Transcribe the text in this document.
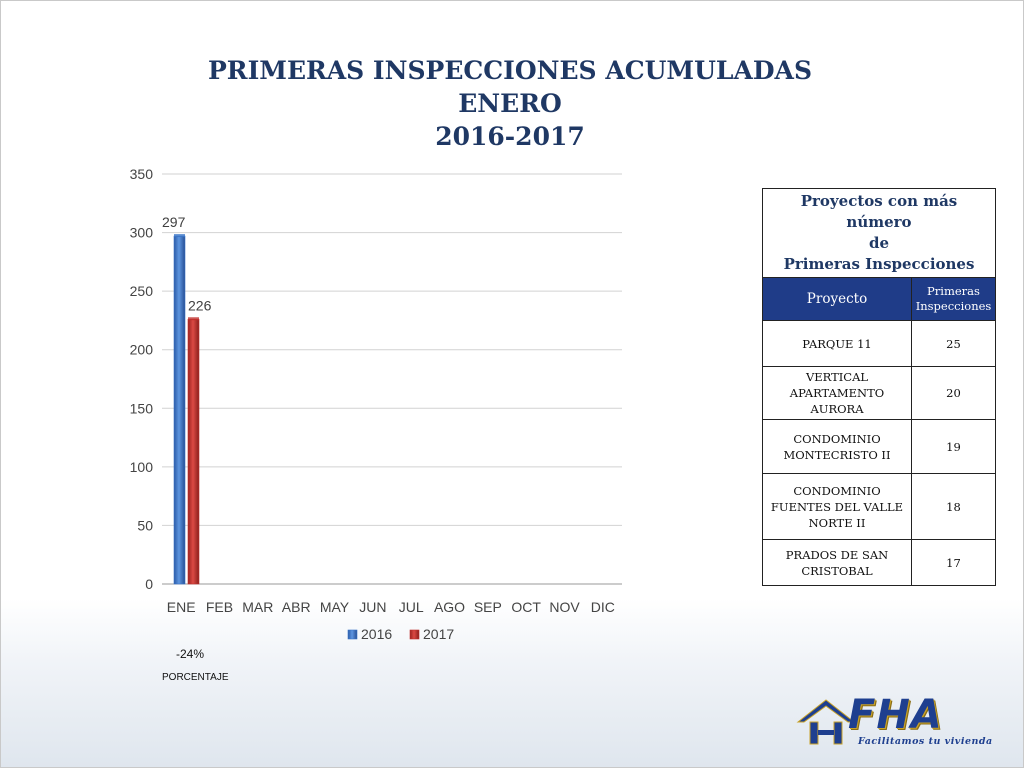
PRIMERAS INSPECCIONES ACUMULADAS
ENERO
2016-2017
0
50
100
150
200
250
300
350
297
226
ENE FEB MAR ABR MAY JUN JUL AGO SEP OCT NOV DIC
2016 2017
-24%
PORCENTAJE
Proyectos con más número
de
Primeras Inspecciones	
Proyecto	Primeras
Inspecciones
PARQUE 11	25
VERTICAL
APARTAMENTO
AURORA	20
CONDOMINIO
MONTECRISTO II	19
CONDOMINIO
FUENTES DEL VALLE
NORTE II	18
PRADOS DE SAN
CRISTOBAL	17
FHA
Facilitamos tu vivienda
